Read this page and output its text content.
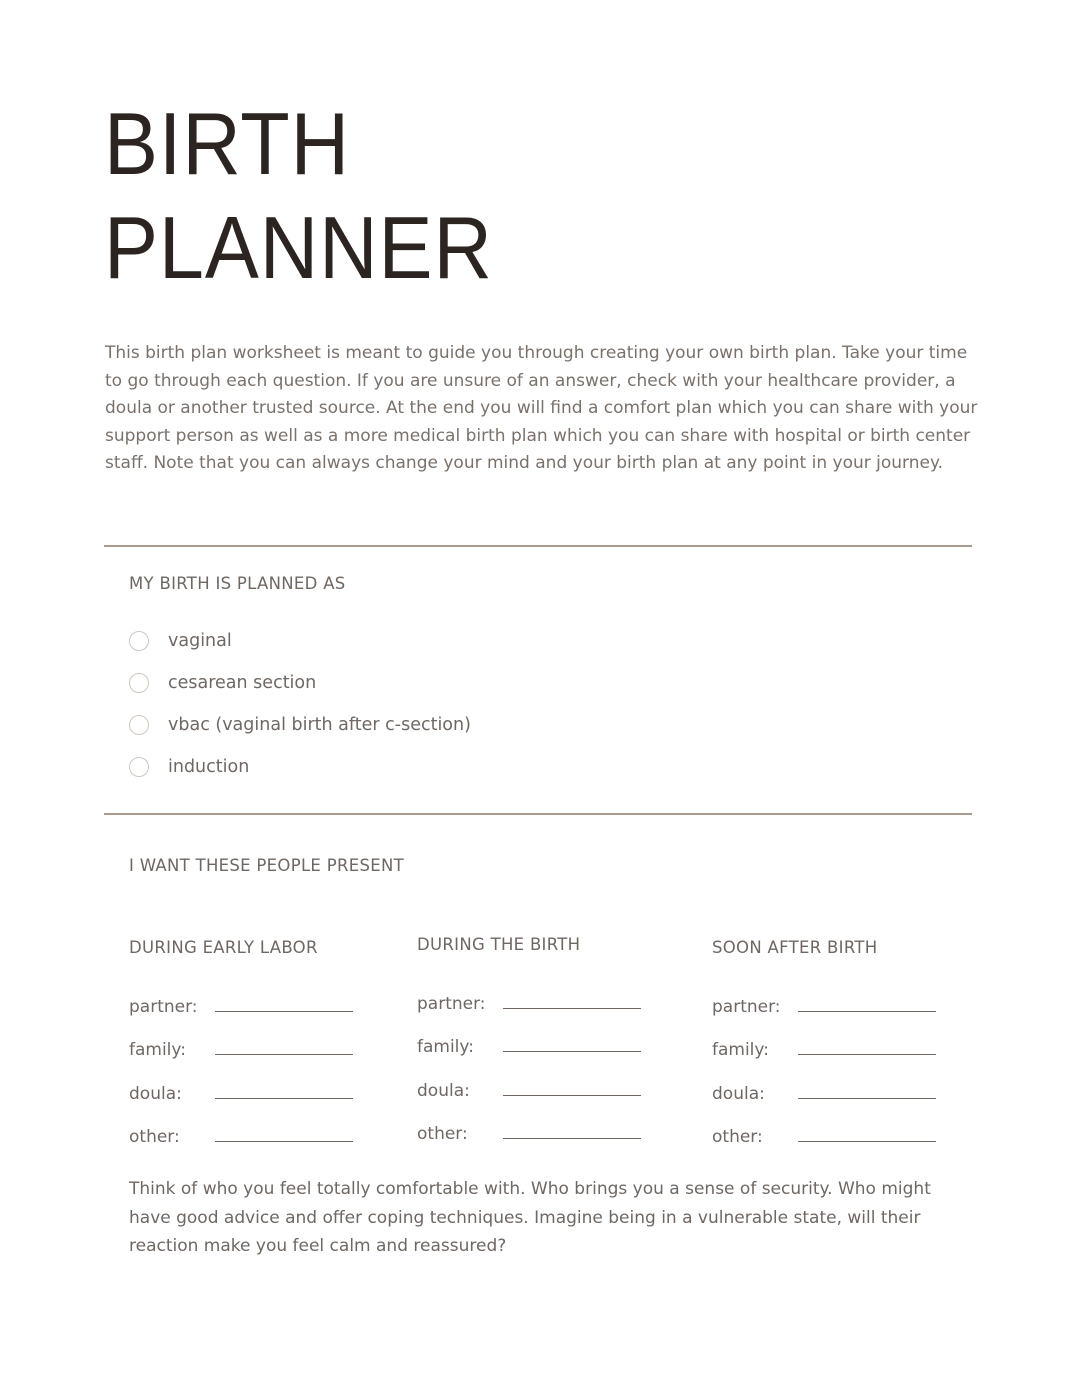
BIRTH
PLANNER

This birth plan worksheet is meant to guide you through creating your own birth plan. Take your time to go through each question. If you are unsure of an answer, check with your healthcare provider, a doula or another trusted source. At the end you will find a comfort plan which you can share with your support person as well as a more medical birth plan which you can share with hospital or birth center staff. Note that you can always change your mind and your birth plan at any point in your journey.

MY BIRTH IS PLANNED AS
vaginal
cesarean section
vbac (vaginal birth after c-section)
induction
I WANT THESE PEOPLE PRESENT
DURING EARLY LABOR
partner:
family:
doula:
other:
DURING THE BIRTH
partner:
family:
doula:
other:
SOON AFTER BIRTH
partner:
family:
doula:
other:

Think of who you feel totally comfortable with. Who brings you a sense of security. Who might have good advice and offer coping techniques. Imagine being in a vulnerable state, will their reaction make you feel calm and reassured?
